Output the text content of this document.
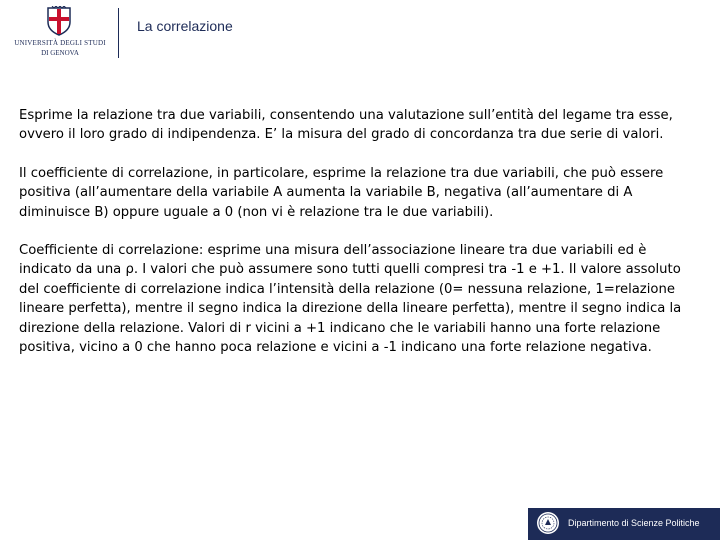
UNIVERSITÀ DEGLI STUDI
DI GENOVA
La correlazione

Esprime la relazione tra due variabili, consentendo una valutazione sull’entità del legame tra esse, ovvero il loro grado di indipendenza. E’ la misura del grado di concordanza tra due serie di valori.

Il coefficiente di correlazione, in particolare, esprime la relazione tra due variabili, che può essere positiva (all’aumentare della variabile A aumenta la variabile B, negativa (all’aumentare di A diminuisce B) oppure uguale a 0 (non vi è relazione tra le due variabili).

Coefficiente di correlazione: esprime una misura dell’associazione lineare tra due variabili ed è indicato da una ρ. I valori che può assumere sono tutti quelli compresi tra -1 e +1. Il valore assoluto del coefficiente di correlazione indica l’intensità della relazione (0= nessuna relazione, 1=relazione lineare perfetta), mentre il segno indica la direzione della lineare perfetta), mentre il segno indica la direzione della relazione. Valori di r vicini a +1 indicano che le variabili hanno una forte relazione positiva, vicino a 0 che hanno poca relazione e vicini a -1 indicano una forte relazione negativa.

Dipartimento di Scienze Politiche
